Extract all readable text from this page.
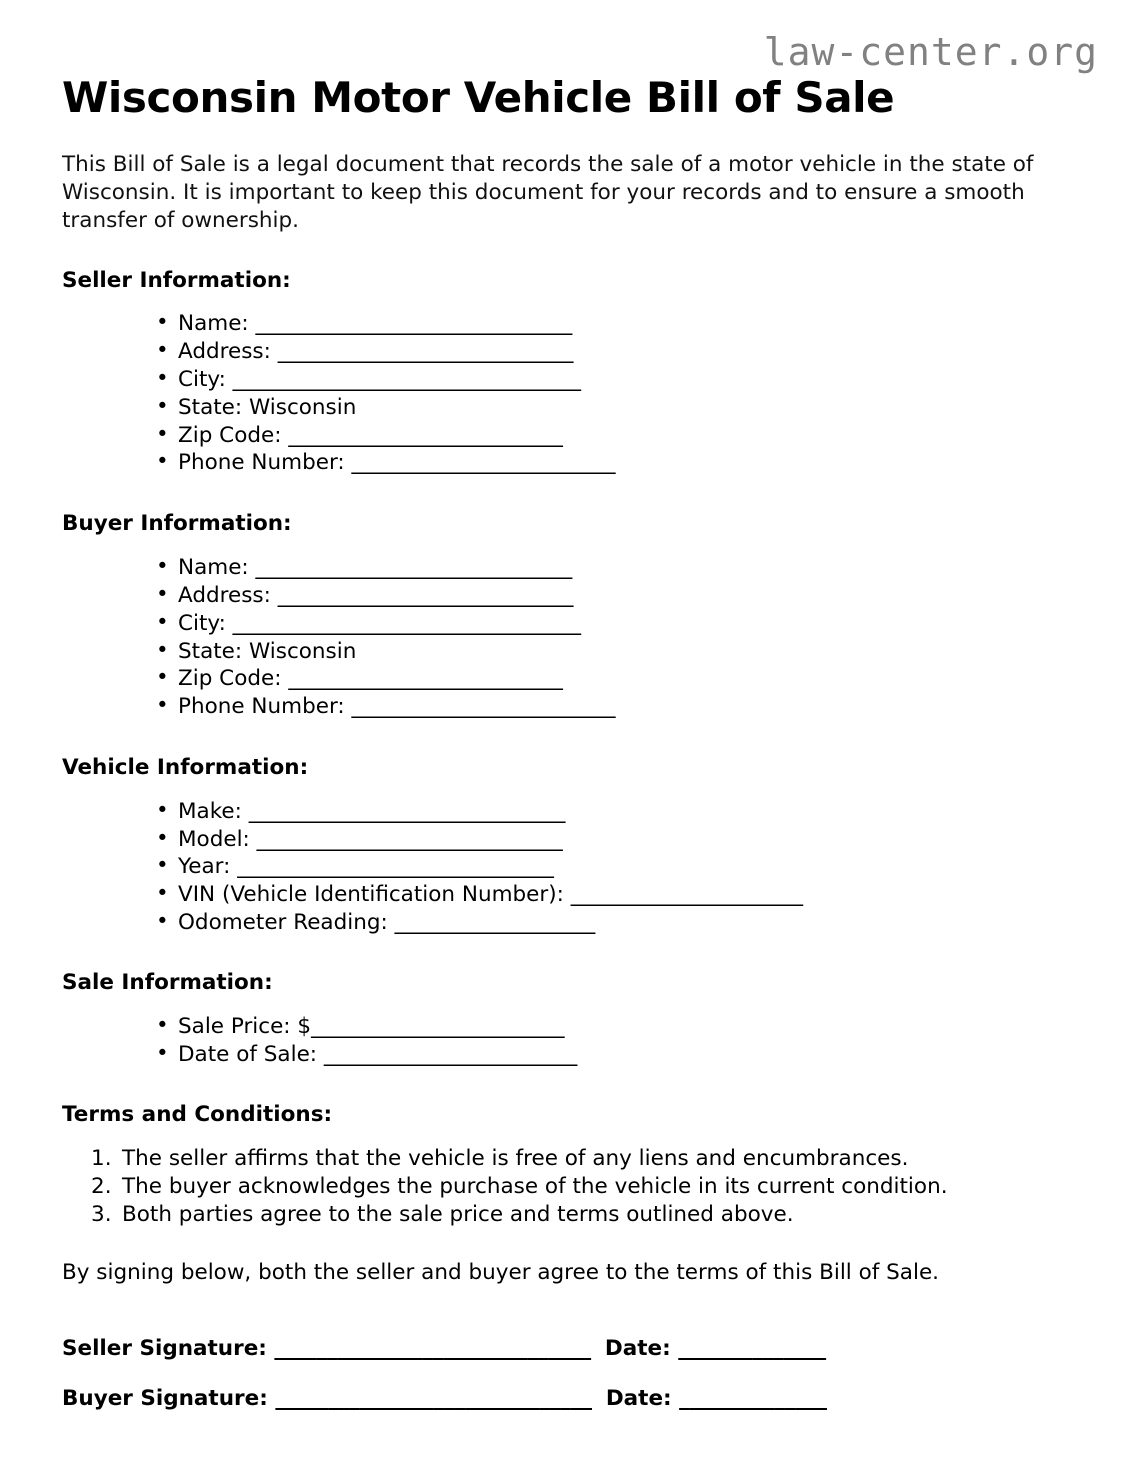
law-center.org
Wisconsin Motor Vehicle Bill of Sale

This Bill of Sale is a legal document that records the sale of a motor vehicle in the state of Wisconsin. It is important to keep this document for your records and to ensure a smooth transfer of ownership.

Seller Information:
• Name: ______________________________
• Address: ____________________________
• City: _________________________________
• State: Wisconsin
• Zip Code: __________________________
• Phone Number: _________________________
Buyer Information:
• Name: ______________________________
• Address: ____________________________
• City: _________________________________
• State: Wisconsin
• Zip Code: __________________________
• Phone Number: _________________________
Vehicle Information:
• Make: ______________________________
• Model: _____________________________
• Year: ______________________________
• VIN (Vehicle Identification Number): ______________________
• Odometer Reading: ___________________
Sale Information:
• Sale Price: $________________________
• Date of Sale: ________________________
Terms and Conditions:
The seller affirms that the vehicle is free of any liens and encumbrances.
The buyer acknowledges the purchase of the vehicle in its current condition.
Both parties agree to the sale price and terms outlined above.

By signing below, both the seller and buyer agree to the terms of this Bill of Sale.

Seller Signature: ______________________________ Date: ______________
Buyer Signature: ______________________________ Date: ______________
